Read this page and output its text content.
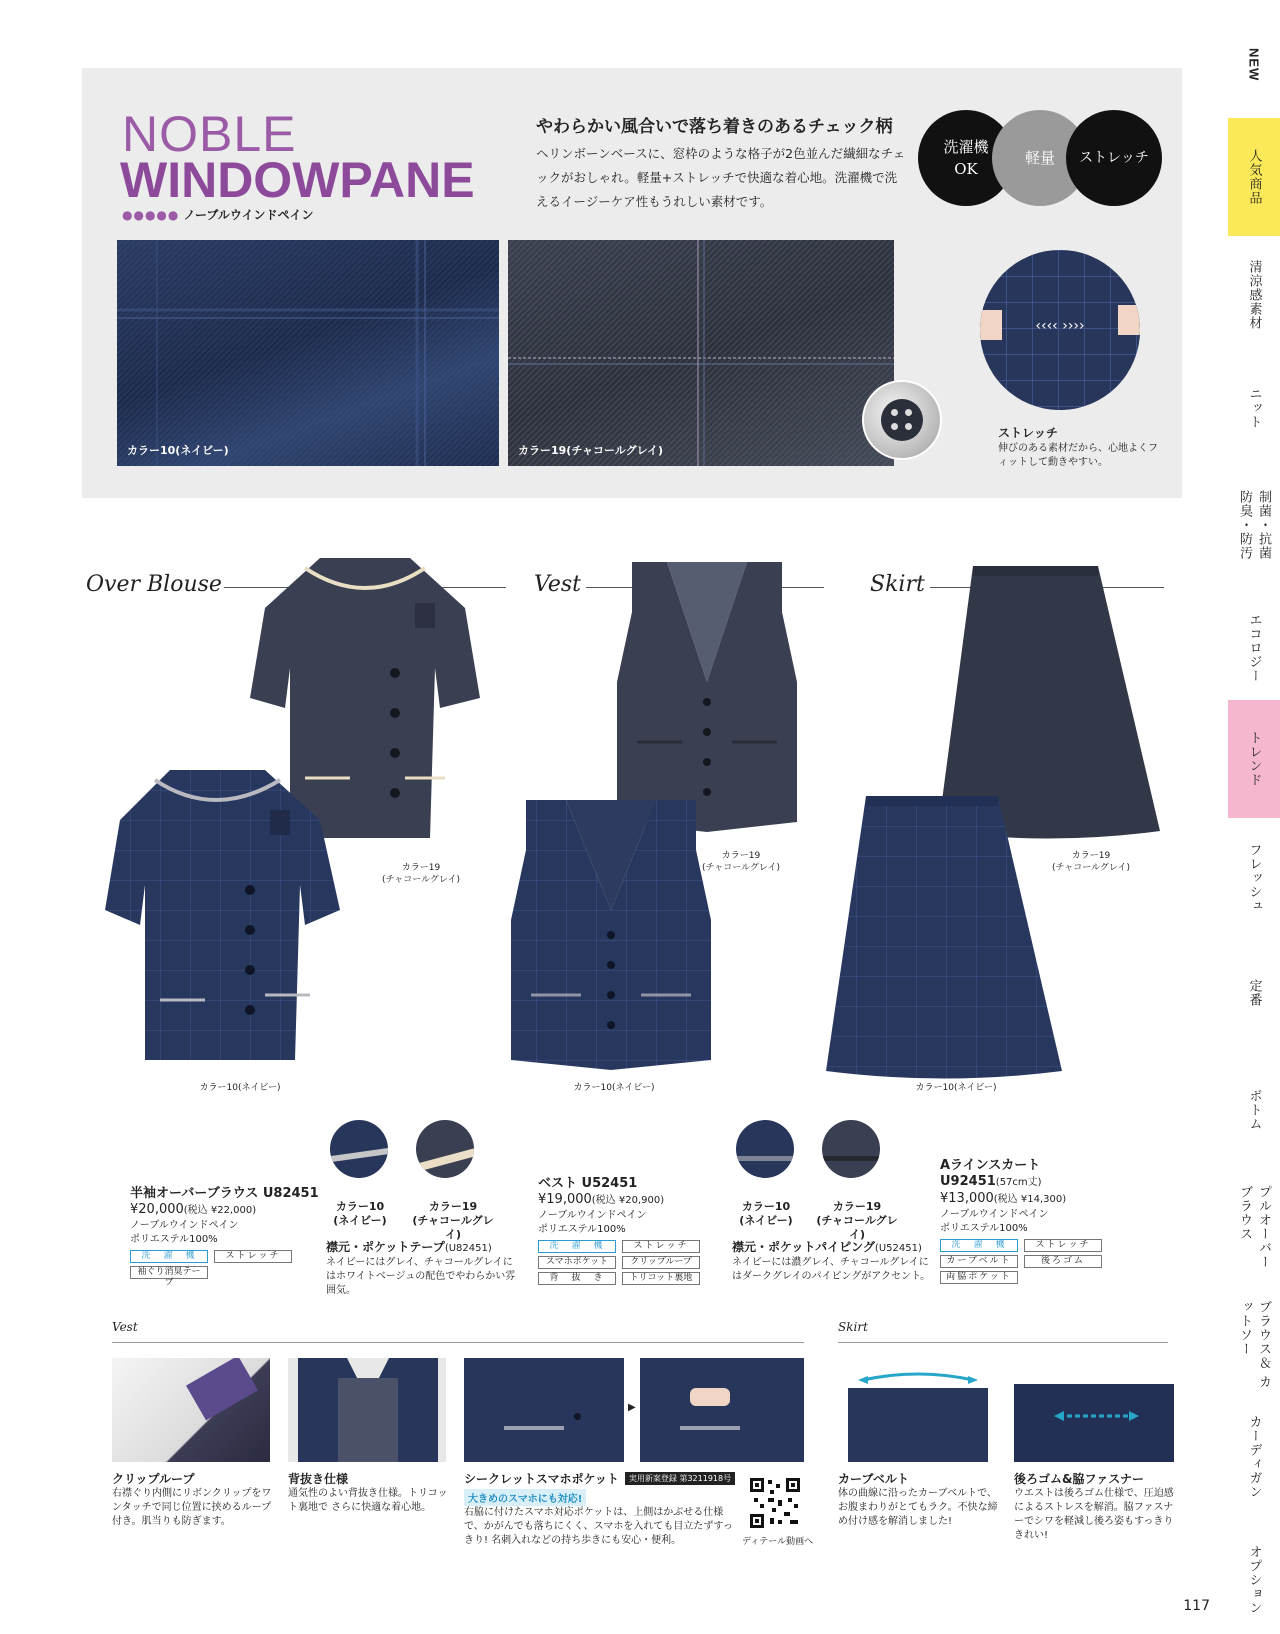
NEW
人気商品
清涼感素材
ニット
制菌・抗菌 防臭・防汚
エコロジー
トレンド
フレッシュ
定番
ボトム
プルオーバー ブラウス
ブラウス＆ カットソー
カーディガン
オプション
NOBLE
WINDOWPANE
●●●●● ノーブルウインドペイン
やわらかい風合いで落ち着きのあるチェック柄
ヘリンボーンベースに、窓枠のような格子が2色並んだ繊細なチェックがおしゃれ。軽量+ストレッチで快適な着心地。洗濯機で洗えるイージーケア性もうれしい素材です。
洗濯機
OK
軽量	ストレッチ
カラー10(ネイビー)	カラー19(チャコールグレイ)
‹‹‹‹ ››››
ストレッチ
伸びのある素材だから、心地よくフィットして動きやすい。
Over Blouse	Vest	Skirt
カラー19
(チャコールグレイ)
カラー10(ネイビー)
カラー19
(チャコールグレイ)
カラー10(ネイビー)
カラー19
(チャコールグレイ)
カラー10(ネイビー)
半袖オーバーブラウス U82451
¥20,000(税込 ¥22,000)
ノーブルウインドペイン
ポリエステル100%
洗　濯　機	ストレッチ
袖ぐり消臭テープ
カラー10
(ネイビー)
カラー19
(チャコールグレイ)
襟元・ポケットテープ(U82451)
ネイビーにはグレイ、チャコールグレイにはホワイトベージュの配色でやわらかい雰囲気。
ベスト U52451
¥19,000(税込 ¥20,900)
ノーブルウインドペイン
ポリエステル100%
洗　濯　機	ストレッチ
スマホポケット	クリップループ
背　抜　き	トリコット裏地
カラー10
(ネイビー)
カラー19
(チャコールグレイ)
襟元・ポケットパイピング(U52451)
ネイビーには濃グレイ、チャコールグレイにはダークグレイのパイピングがアクセント。
Aラインスカート
U92451(57cm丈)
¥13,000(税込 ¥14,300)
ノーブルウインドペイン
ポリエステル100%
洗　濯　機	ストレッチ
カーブベルト	後ろゴム
両脇ポケット
Vest	Skirt
▶
クリップループ
右襟ぐり内側にリボンクリップをワンタッチで同じ位置に挟めるループ付き。肌当りも防ぎます。
背抜き仕様
通気性のよい背抜き仕様。トリコット裏地で さらに快適な着心地。
シークレットスマホポケット	実用新案登録 第3211918号
大きめのスマホにも対応!
右脇に付けたスマホ対応ポケットは、上側はかぶせる仕様で、かがんでも落ちにくく、スマホを入れても目立たずすっきり! 名刺入れなどの持ち歩きにも安心・便利。	ディテール動画へ
カーブベルト
体の曲線に沿ったカーブベルトで、お腹まわりがとてもラク。不快な締め付け感を解消しました!
後ろゴム&脇ファスナー
ウエストは後ろゴム仕様で、圧迫感によるストレスを解消。脇ファスナーでシワを軽減し後ろ姿もすっきりきれい!
117
